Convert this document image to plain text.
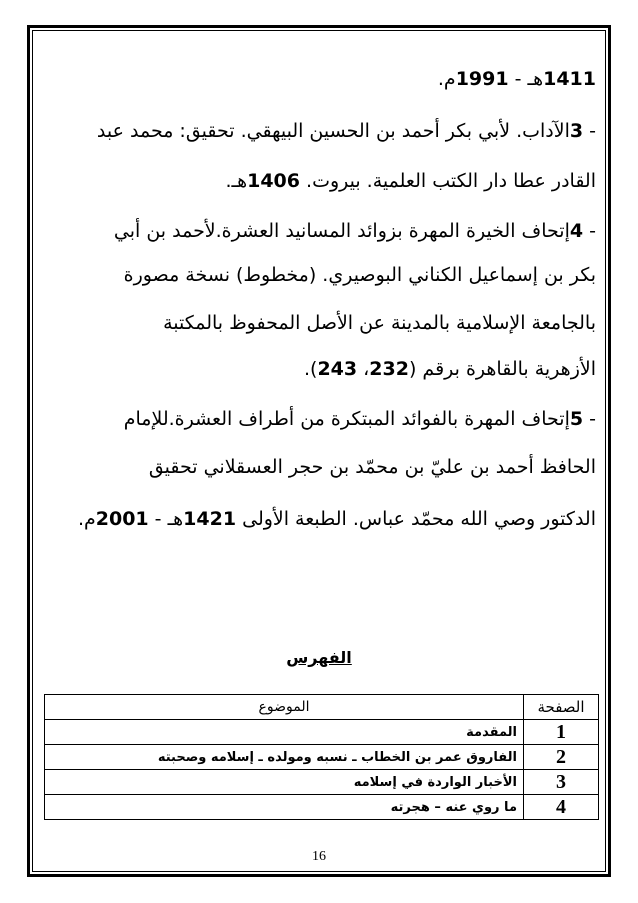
1411هـ - 1991م.
- 3الآداب. لأبي بكر أحمد بن الحسين البيهقي. تحقيق: محمد عبد
القادر عطا دار الكتب العلمية. بيروت. 1406هـ.
- 4إتحاف الخيرة المهرة بزوائد المسانيد العشرة.لأحمد بن أبي
بكر بن إسماعيل الكناني البوصيري. (مخطوط) نسخة مصورة
بالجامعة الإسلامية بالمدينة عن الأصل المحفوظ بالمكتبة
الأزهرية بالقاهرة برقم (232، 243).
- 5إتحاف المهرة بالفوائد المبتكرة من أطراف العشرة.للإمام
الحافظ أحمد بن عليّ بن محمّد بن حجر العسقلاني تحقيق
الدكتور وصي الله محمّد عباس. الطبعة الأولى 1421هـ - 2001م.
الفهرس
الصفحة	الموضوع
1	المقدمة
2	الفاروق عمر بن الخطاب ـ نسبه ومولده ـ إسلامه وصحبته
3	الأخبار الواردة في إسلامه
4	ما روي عنه – هجرته
16
